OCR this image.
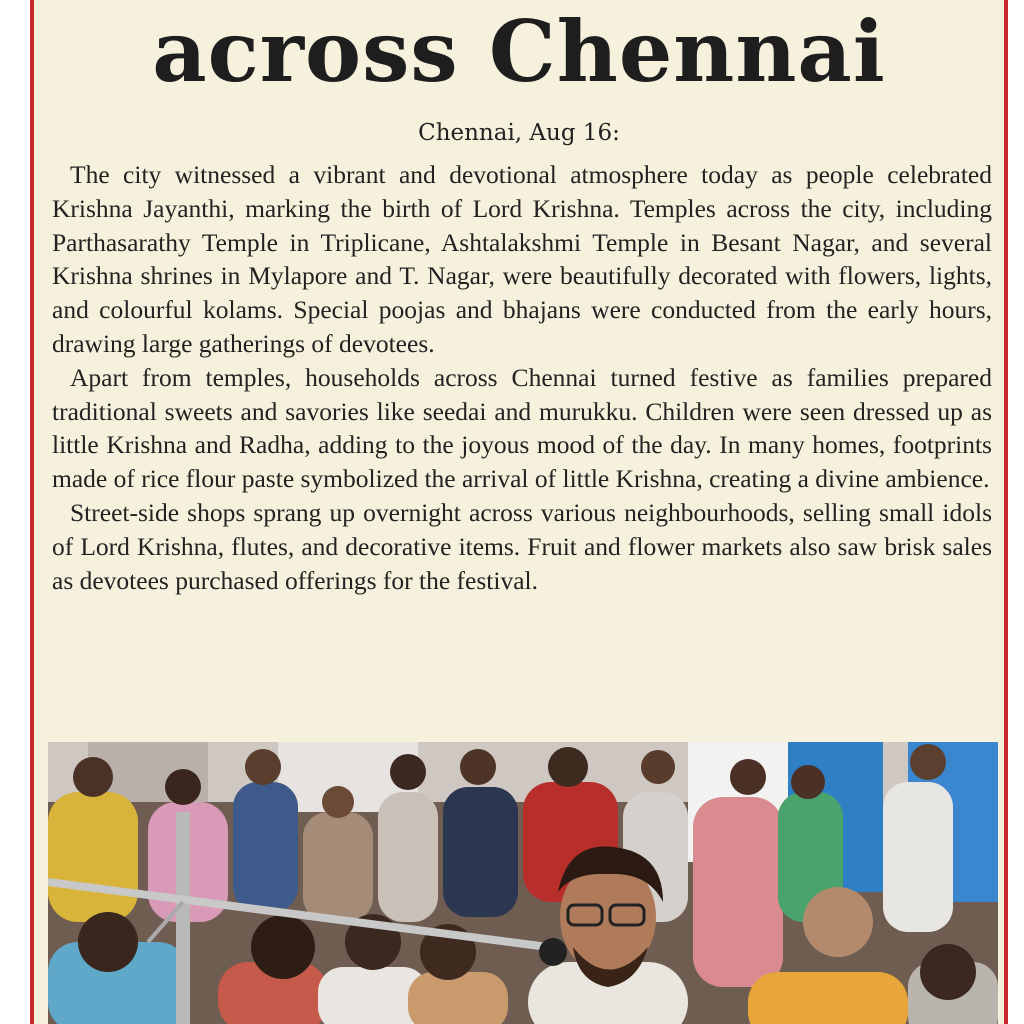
across Chennai
Chennai, Aug 16:

The city witnessed a vibrant and devotional atmosphere today as people celebrated Krishna Jayanthi, marking the birth of Lord Krishna. Temples across the city, including Parthasarathy Temple in Triplicane, Ashtalakshmi Temple in Besant Nagar, and several Krishna shrines in Mylapore and T. Nagar, were beautifully decorated with flowers, lights, and colourful kolams. Special poojas and bhajans were conducted from the early hours, drawing large gatherings of devotees.

Apart from temples, households across Chennai turned festive as families prepared traditional sweets and savories like seedai and murukku. Children were seen dressed up as little Krishna and Radha, adding to the joyous mood of the day. In many homes, footprints made of rice flour paste symbolized the arrival of little Krishna, creating a divine ambience.

Street-side shops sprang up overnight across various neighbourhoods, selling small idols of Lord Krishna, flutes, and decorative items. Fruit and flower markets also saw brisk sales as devotees purchased offerings for the festival.
